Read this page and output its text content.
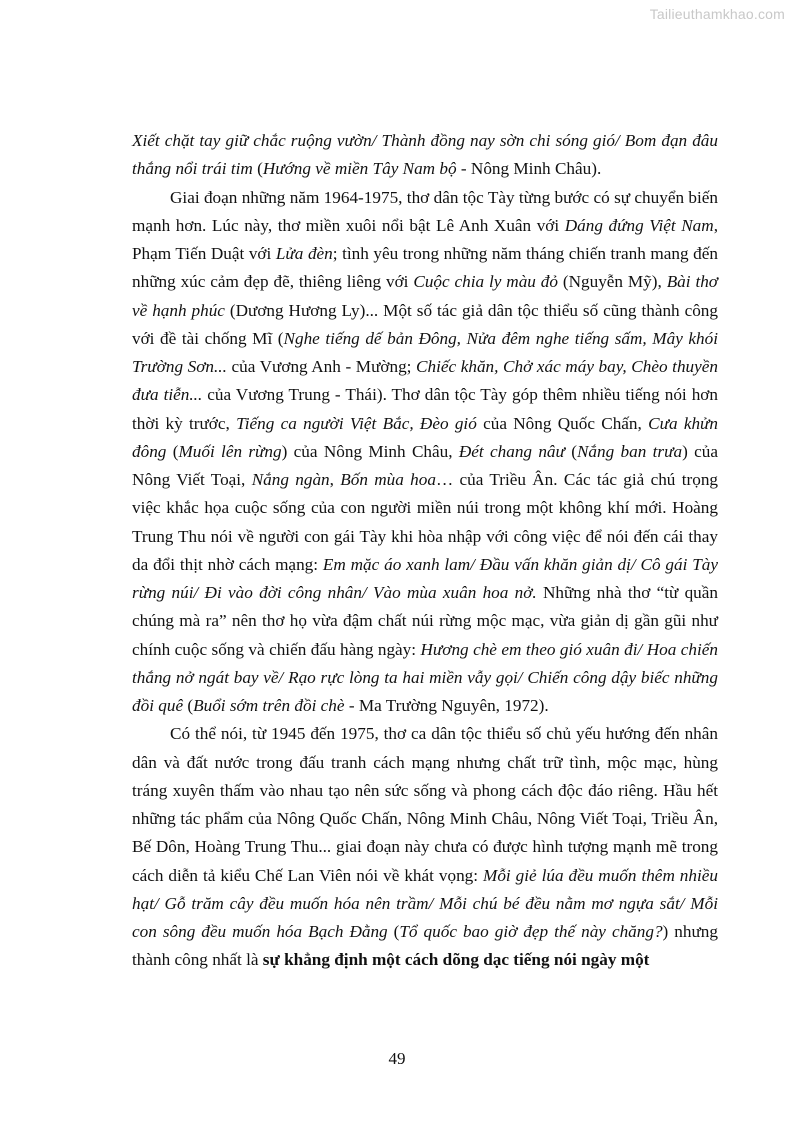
Tailieuthamkhao.com

Xiết chặt tay giữ chắc ruộng vườn/ Thành đồng nay sờn chi sóng gió/ Bom đạn đâu thắng nổi trái tim (Hướng về miền Tây Nam bộ - Nông Minh Châu).

Giai đoạn những năm 1964-1975, thơ dân tộc Tày từng bước có sự chuyển biến mạnh hơn. Lúc này, thơ miền xuôi nổi bật Lê Anh Xuân với Dáng đứng Việt Nam, Phạm Tiến Duật với Lửa đèn; tình yêu trong những năm tháng chiến tranh mang đến những xúc cảm đẹp đẽ, thiêng liêng với Cuộc chia ly màu đỏ (Nguyễn Mỹ), Bài thơ về hạnh phúc (Dương Hương Ly)... Một số tác giả dân tộc thiểu số cũng thành công với đề tài chống Mĩ (Nghe tiếng dế bản Đông, Nửa đêm nghe tiếng sấm, Mây khói Trường Sơn... của Vương Anh - Mường; Chiếc khăn, Chở xác máy bay, Chèo thuyền đưa tiễn... của Vương Trung - Thái). Thơ dân tộc Tày góp thêm nhiều tiếng nói hơn thời kỳ trước, Tiếng ca người Việt Bắc, Đèo gió của Nông Quốc Chấn, Cưa khửn đông (Muối lên rừng) của Nông Minh Châu, Đét chang nâư (Nắng ban trưa) của Nông Viết Toại, Nắng ngàn, Bốn mùa hoa… của Triều Ân. Các tác giả chú trọng việc khắc họa cuộc sống của con người miền núi trong một không khí mới. Hoàng Trung Thu nói về người con gái Tày khi hòa nhập với công việc để nói đến cái thay da đổi thịt nhờ cách mạng: Em mặc áo xanh lam/ Đầu vấn khăn giản dị/ Cô gái Tày rừng núi/ Đi vào đời công nhân/ Vào mùa xuân hoa nở. Những nhà thơ “từ quần chúng mà ra” nên thơ họ vừa đậm chất núi rừng mộc mạc, vừa giản dị gần gũi như chính cuộc sống và chiến đấu hàng ngày: Hương chè em theo gió xuân đi/ Hoa chiến thắng nở ngát bay về/ Rạo rực lòng ta hai miền vẫy gọi/ Chiến công dậy biếc những đồi quê (Buổi sớm trên đồi chè - Ma Trường Nguyên, 1972).

Có thể nói, từ 1945 đến 1975, thơ ca dân tộc thiểu số chủ yếu hướng đến nhân dân và đất nước trong đấu tranh cách mạng nhưng chất trữ tình, mộc mạc, hùng tráng xuyên thấm vào nhau tạo nên sức sống và phong cách độc đáo riêng. Hầu hết những tác phẩm của Nông Quốc Chấn, Nông Minh Châu, Nông Viết Toại, Triều Ân, Bế Dôn, Hoàng Trung Thu... giai đoạn này chưa có được hình tượng mạnh mẽ trong cách diễn tả kiểu Chế Lan Viên nói về khát vọng: Mỗi giẻ lúa đều muốn thêm nhiều hạt/ Gỗ trăm cây đều muốn hóa nên trầm/ Mỗi chú bé đều nằm mơ ngựa sắt/ Mỗi con sông đều muốn hóa Bạch Đằng (Tổ quốc bao giờ đẹp thế này chăng?) nhưng thành công nhất là sự khẳng định một cách dõng dạc tiếng nói ngày một

49
